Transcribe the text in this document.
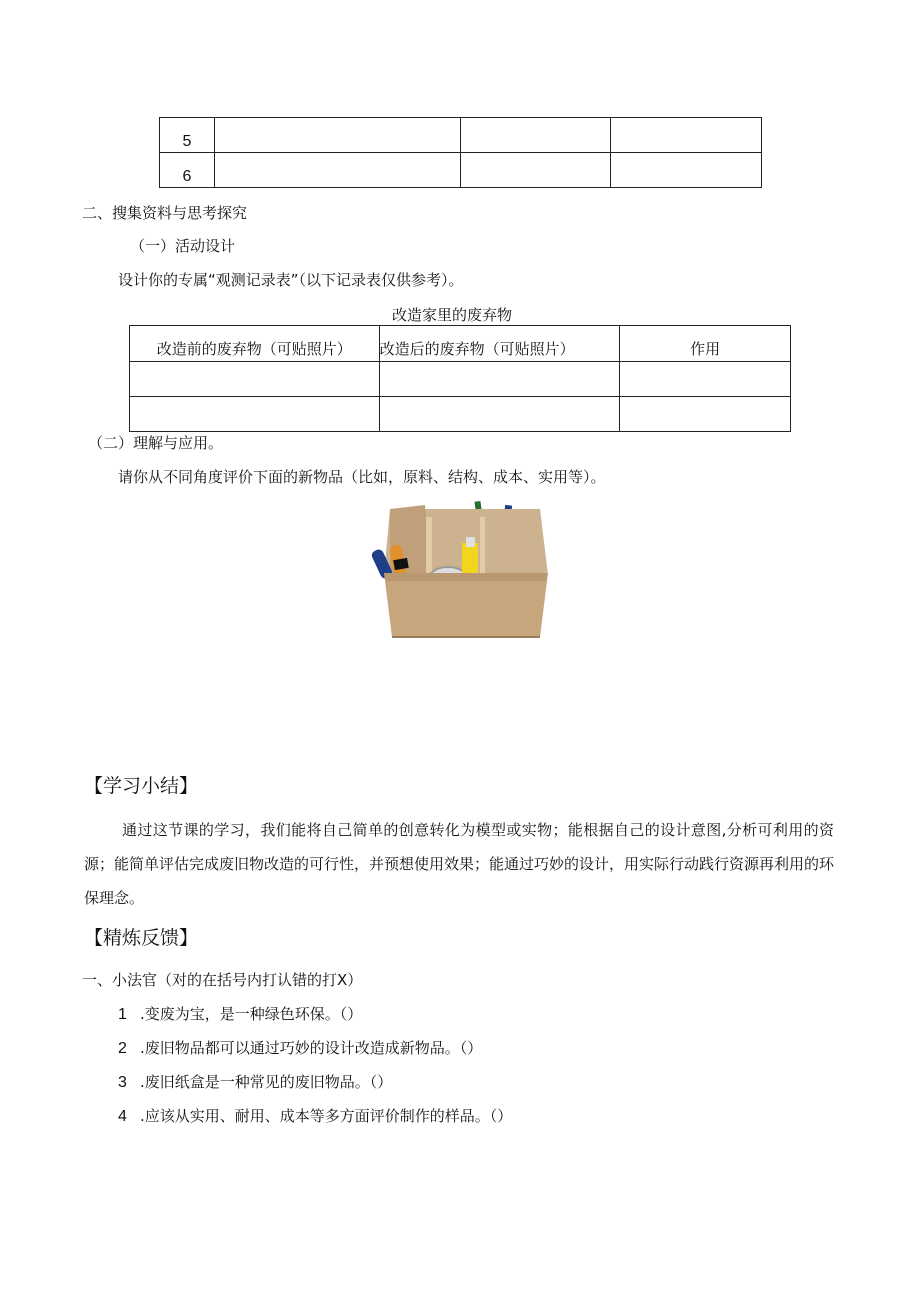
5			
6			
二、搜集资料与思考探究
（一）活动设计
设计你的专属“观测记录表”（以下记录表仅供参考）。
改造家里的废弃物
改造前的废弃物（可贴照片）	改造后的废弃物（可贴照片）	作用

（二）理解与应用。
请你从不同角度评价下面的新物品（比如，原料、结构、成本、实用等）。
【学习小结】
通过这节课的学习，我们能将自己简单的创意转化为模型或实物；能根据自己的设计意图,分析可利用的资源；能简单评估完成废旧物改造的可行性，并预想使用效果；能通过巧妙的设计，用实际行动践行资源再利用的环保理念。
【精炼反馈】
一、小法官（对的在括号内打认错的打X）
1 .变废为宝，是一种绿色环保。（）
2 .废旧物品都可以通过巧妙的设计改造成新物品。（）
3 .废旧纸盒是一种常见的废旧物品。（）
4 .应该从实用、耐用、成本等多方面评价制作的样品。（）
